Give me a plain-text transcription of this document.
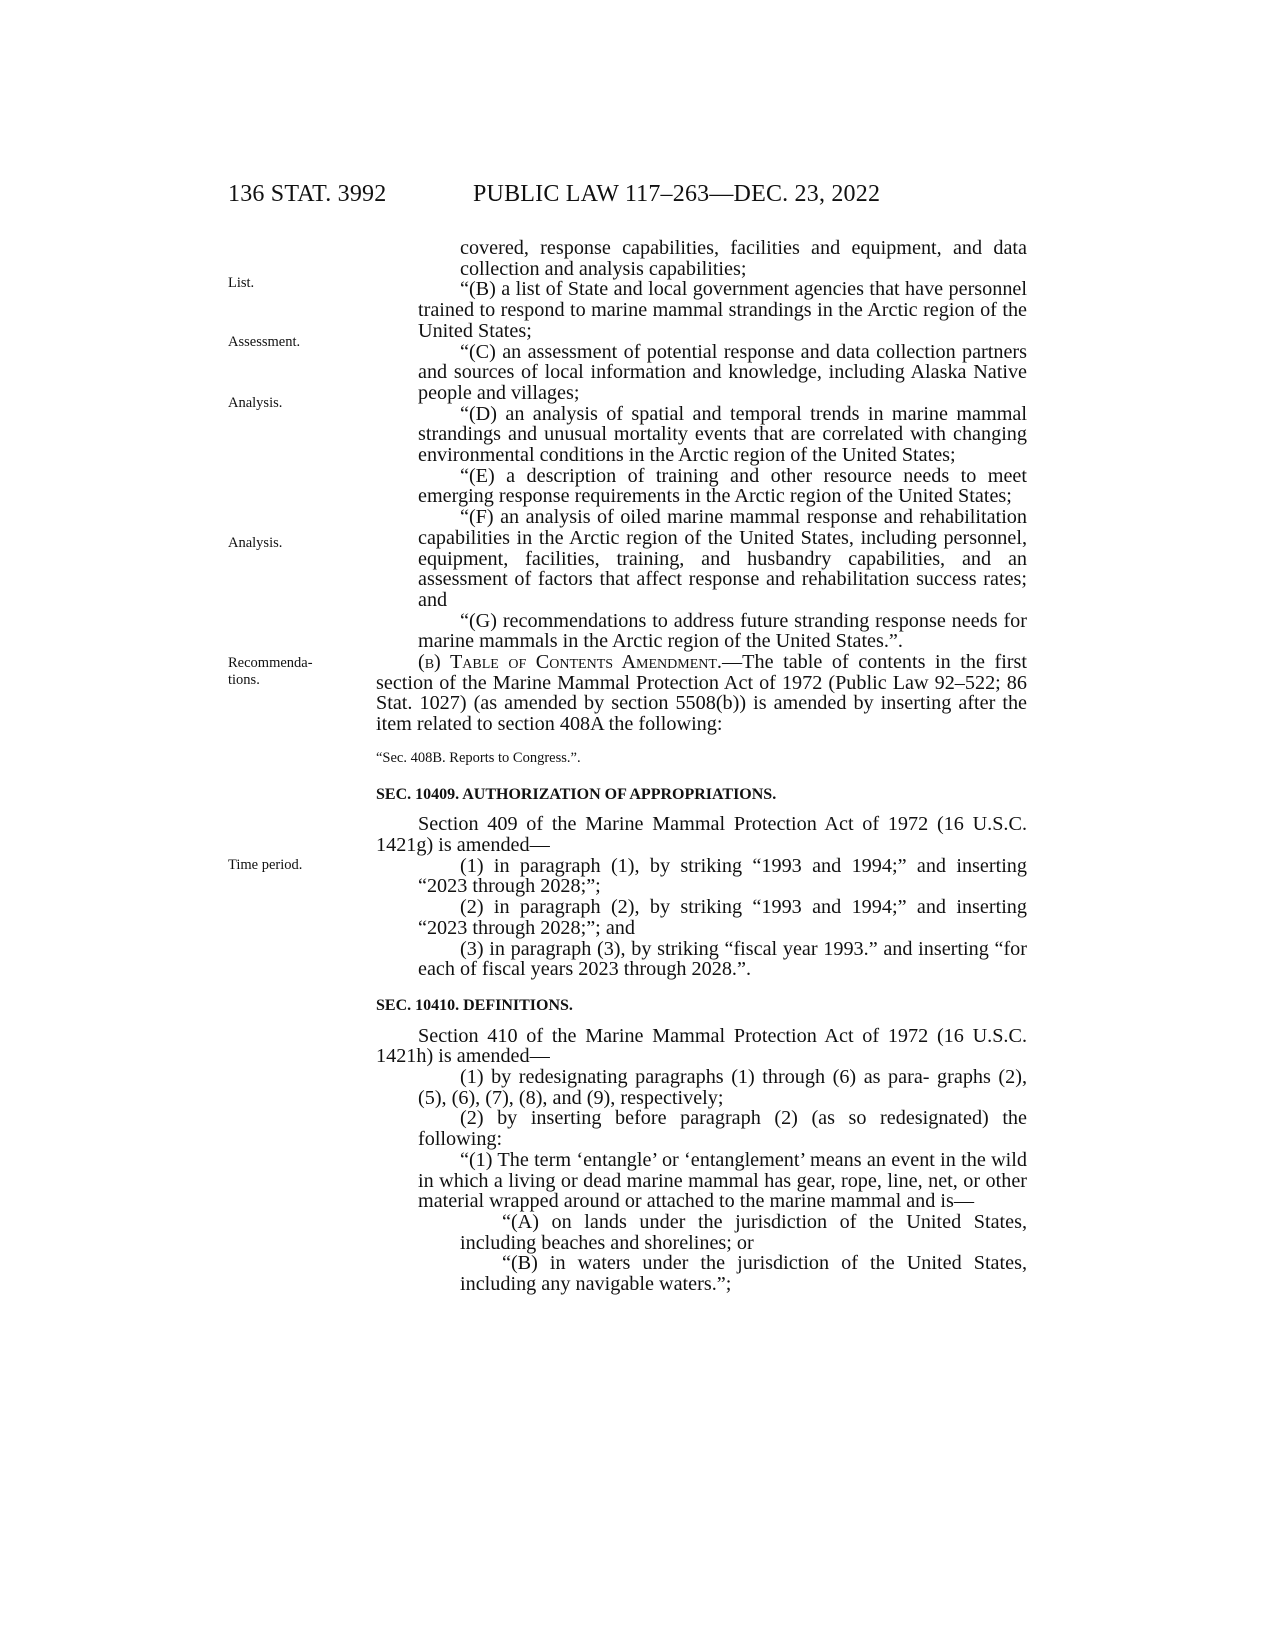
136 STAT. 3992	PUBLIC LAW 117–263—DEC. 23, 2022
List.
Assessment.
Analysis.
Analysis.
Recommenda-
tions.
Time period.

covered, response capabilities, facilities and equipment, and data collection and analysis capabilities;

“(B) a list of State and local government agencies that have personnel trained to respond to marine mammal strandings in the Arctic region of the United States;

“(C) an assessment of potential response and data collection partners and sources of local information and knowledge, including Alaska Native people and villages;

“(D) an analysis of spatial and temporal trends in marine mammal strandings and unusual mortality events that are correlated with changing environmental conditions in the Arctic region of the United States;

“(E) a description of training and other resource needs to meet emerging response requirements in the Arctic region of the United States;

“(F) an analysis of oiled marine mammal response and rehabilitation capabilities in the Arctic region of the United States, including personnel, equipment, facilities, training, and husbandry capabilities, and an assessment of factors that affect response and rehabilitation success rates; and

“(G) recommendations to address future stranding response needs for marine mammals in the Arctic region of the United States.”.

(b) Table of Contents Amendment.—The table of contents in the first section of the Marine Mammal Protection Act of 1972 (Public Law 92–522; 86 Stat. 1027) (as amended by section 5508(b)) is amended by inserting after the item related to section 408A the following:

“Sec. 408B. Reports to Congress.”.
SEC. 10409. AUTHORIZATION OF APPROPRIATIONS.

Section 409 of the Marine Mammal Protection Act of 1972 (16 U.S.C. 1421g) is amended—

(1) in paragraph (1), by striking “1993 and 1994;” and inserting “2023 through 2028;”;

(2) in paragraph (2), by striking “1993 and 1994;” and inserting “2023 through 2028;”; and

(3) in paragraph (3), by striking “fiscal year 1993.” and inserting “for each of fiscal years 2023 through 2028.”.

SEC. 10410. DEFINITIONS.

Section 410 of the Marine Mammal Protection Act of 1972 (16 U.S.C. 1421h) is amended—

(1) by redesignating paragraphs (1) through (6) as para- graphs (2), (5), (6), (7), (8), and (9), respectively;

(2) by inserting before paragraph (2) (as so redesignated) the following:

“(1) The term ‘entangle’ or ‘entanglement’ means an event in the wild in which a living or dead marine mammal has gear, rope, line, net, or other material wrapped around or attached to the marine mammal and is—

“(A) on lands under the jurisdiction of the United States, including beaches and shorelines; or

“(B) in waters under the jurisdiction of the United States, including any navigable waters.”;
